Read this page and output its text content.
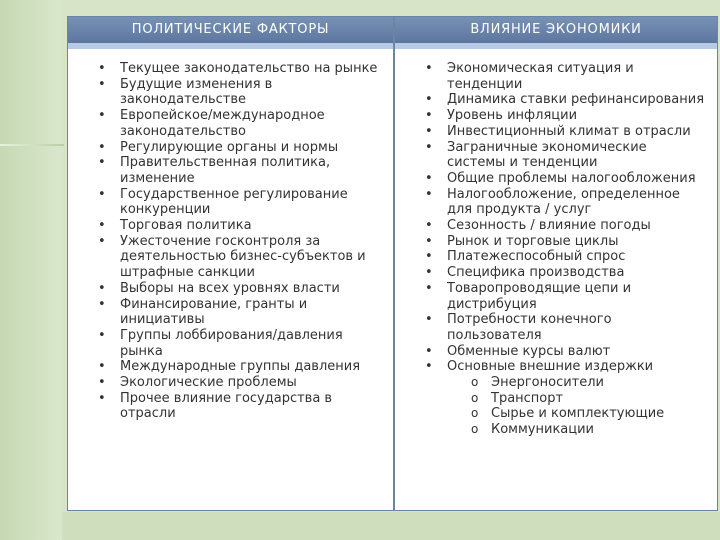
ПОЛИТИЧЕСКИЕ ФАКТОРЫ
• Текущее законодательство на рынке
• Будущие изменения в законодательстве
• Европейское/международное законодательство
• Регулирующие органы и нормы
• Правительственная политика, изменение
• Государственное регулирование конкуренции
• Торговая политика
• Ужесточение госконтроля за деятельностью бизнес-субъектов и штрафные санкции
• Выборы на всех уровнях власти
• Финансирование, гранты и инициативы
• Группы лоббирования/давления рынка
• Международные группы давления
• Экологические проблемы
• Прочее влияние государства в отрасли
ВЛИЯНИЕ ЭКОНОМИКИ
• Экономическая ситуация и тенденции
• Динамика ставки рефинансирования
• Уровень инфляции
• Инвестиционный климат в отрасли
• Заграничные экономические системы и тенденции
• Общие проблемы налогообложения
• Налогообложение, определенное для продукта / услуг
• Сезонность / влияние погоды
• Рынок и торговые циклы
• Платежеспособный спрос
• Специфика производства
• Товаропроводящие цепи и дистрибуция
• Потребности конечного пользователя
• Обменные курсы валют
• Основные внешние издержки
o Энергоносители
o Транспорт
o Сырье и комплектующие
o Коммуникации
